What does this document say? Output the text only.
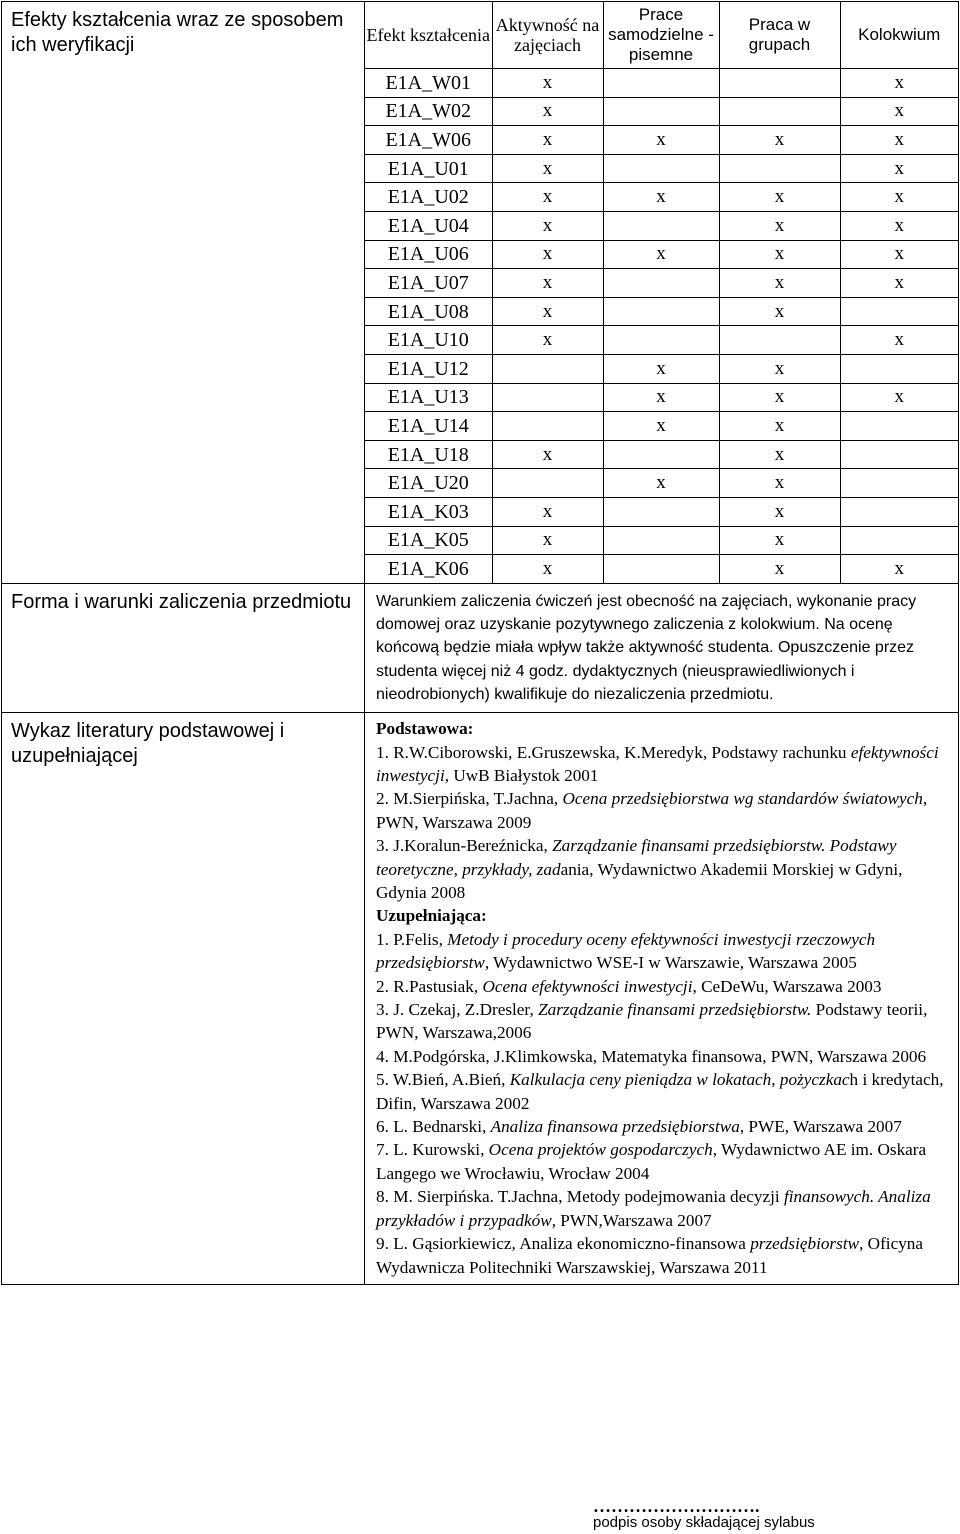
Efekty kształcenia wraz ze sposobem ich weryfikacji		Efekt kształcenia	Aktywność na zajęciach	Prace samodzielne - pisemne	Praca w grupach	Kolokwium
E1A_W01	x			x
E1A_W02	x			x
E1A_W06	x	x	x	x
E1A_U01	x			x
E1A_U02	x	x	x	x
E1A_U04	x		x	x
E1A_U06	x	x	x	x
E1A_U07	x		x	x
E1A_U08	x		x	
E1A_U10	x			x
E1A_U12		x	x	
E1A_U13		x	x	x
E1A_U14		x	x	
E1A_U18	x		x	
E1A_U20		x	x	
E1A_K03	x		x	
E1A_K05	x		x	
E1A_K06	x		x	x

Forma i warunki zaliczenia przedmiotu	Warunkiem zaliczenia ćwiczeń jest obecność na zajęciach, wykonanie pracy domowej oraz uzyskanie pozytywnego zaliczenia z kolokwium. Na ocenę końcową będzie miała wpływ także aktywność studenta. Opuszczenie przez studenta więcej niż 4 godz. dydaktycznych (nieusprawiedliwionych i nieodrobionych) kwalifikuje do niezaliczenia przedmiotu.
Wykaz literatury podstawowej i uzupełniającej	

Podstawowa:

1. R.W.Ciborowski, E.Gruszewska, K.Meredyk, Podstawy rachunku efektywności inwestycji, UwB Białystok 2001

2. M.Sierpińska, T.Jachna, Ocena przedsiębiorstwa wg standardów światowych, PWN, Warszawa 2009

3. J.Koralun-Bereźnicka, Zarządzanie finansami przedsiębiorstw. Podstawy teoretyczne, przykłady, zadania, Wydawnictwo Akademii Morskiej w Gdyni, Gdynia 2008

Uzupełniająca:

1. P.Felis, Metody i procedury oceny efektywności inwestycji rzeczowych przedsiębiorstw, Wydawnictwo WSE-I w Warszawie, Warszawa 2005

2. R.Pastusiak, Ocena efektywności inwestycji, CeDeWu, Warszawa 2003

3. J. Czekaj, Z.Dresler, Zarządzanie finansami przedsiębiorstw. Podstawy teorii, PWN, Warszawa,2006

4. M.Podgórska, J.Klimkowska, Matematyka finansowa, PWN, Warszawa 2006

5. W.Bień, A.Bień, Kalkulacja ceny pieniądza w lokatach, pożyczkach i kredytach, Difin, Warszawa 2002

6. L. Bednarski, Analiza finansowa przedsiębiorstwa, PWE, Warszawa 2007

7. L. Kurowski, Ocena projektów gospodarczych, Wydawnictwo AE im. Oskara Langego we Wrocławiu, Wrocław 2004

8. M. Sierpińska. T.Jachna, Metody podejmowania decyzji finansowych. Analiza przykładów i przypadków, PWN,Warszawa 2007

9. L. Gąsiorkiewicz, Analiza ekonomiczno-finansowa przedsiębiorstw, Oficyna Wydawnicza Politechniki Warszawskiej, Warszawa 2011

……………………….
podpis osoby składającej sylabus
